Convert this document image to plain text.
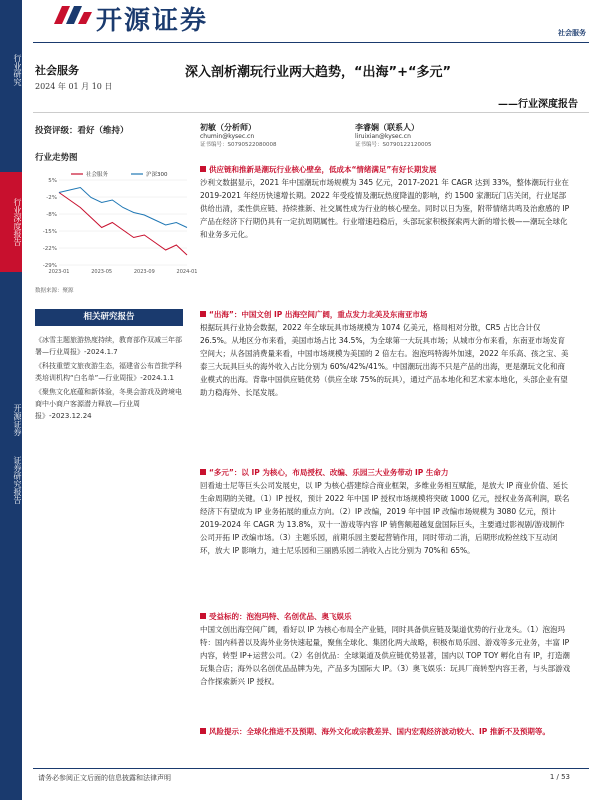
行业研究
行业深度报告
开源证券
证券研究报告
开源证券	社会服务
社会服务
2024 年 01 月 10 日
深入剖析潮玩行业两大趋势，“出海”+“多元”
——行业深度报告
投资评级：看好（维持）
行业走势图
初敏（分析师）
chumin@kysec.cn
证书编号：S0790522080008
李睿娴（联系人）
liruixian@kysec.cn
证书编号：S0790122120005
5%
-2%
-8%
-15%
-22%
-29%
2023-01	2023-05	2023-09	2024-01
社会服务	沪深300
数据来源：聚源
相关研究报告

《冰雪主题旅游热度持续，教育部作双减三年部署—行业周报》-2024.1.7

《科技重塑文旅夜游生态，福建省公布首批学科类培训机构“白名单”—行业周报》-2024.1.1

《聚焦文化底蕴和新体验，冬奥会游戏及跨境电商中小商户客源潜力释放—行业周报》-2023.12.24

供应链和推新是潮玩行业核心壁垒，低成本“情绪满足”有好长期发展
沙利文数据显示，2021 年中国潮玩市场规模为 345 亿元，2017-2021 年 CAGR 达到 33%，整体潮玩行业在 2019-2021 年经历快速增长期。2022 年受疫情及潮玩热度降温的影响，约 1500 家潮玩门店关闭，行业尾部供给出清，柔性供应链、持续推新、社交属性成为行业的核心壁垒。同时以日为鉴，附带情绪共鸣及治愈感的 IP 产品在经济下行期仍具有一定抗周期属性。行业增速趋稳后，头部玩家积极探索两大新的增长极——潮玩全球化和业务多元化。
“出海”：中国文创 IP 出海空间广阔，重点发力北美及东南亚市场
根据玩具行业协会数据，2022 年全球玩具市场规模为 1074 亿美元，格局相对分散，CR5 占比合计仅 26.5%。从地区分布来看，美国市场占比 34.5%，为全球第一大玩具市场；从城市分布来看，东南亚市场发育空间大；从各国消费量来看，中国市场规模为美国的 2 倍左右。泡泡玛特海外加速，2022 年乐高、孩之宝、美泰三大玩具巨头的海外收入占比分别为 60%/42%/41%。中国潮玩出海不只是产品的出海，更是潮玩文化和商业模式的出海。背靠中国供应链优势（供应全球 75%的玩具），通过产品本地化和艺术家本地化，头部企业有望助力稳海外、长尾发展。
“多元”：以 IP 为核心，布局授权、改编、乐园三大业务带动 IP 生命力
回看迪士尼等巨头公司发展史，以 IP 为核心搭建综合商业框架，多维业务相互赋能，是放大 IP 商业价值、延长生命周期的关键。（1）IP 授权，预计 2022 年中国 IP 授权市场规模将突破 1000 亿元，授权业务高利润，联名经济下有望成为 IP 业务拓展的重点方向。（2）IP 改编，2019 年中国 IP 改编市场规模为 3080 亿元，预计 2019-2024 年 CAGR 为 13.8%，双十一游戏等内容 IP 销售额超越复盘国际巨头，主要通过影视剧/游戏制作公司开拓 IP 改编市场。（3）主题乐园，前期乐园主要起营销作用，同时带动二消，后期形成粉丝线下互动闭环，放大 IP 影响力，迪士尼乐园和三丽鸥乐园二消收入占比分别为 70%和 65%。
受益标的：泡泡玛特、名创优品、奥飞娱乐
中国文创出海空间广阔，看好以 IP 为核心布局全产业链，同时具备供应链及渠道优势的行业龙头。（1）泡泡玛特：国内科普以及海外业务快速起量，聚焦全球化、集团化两大战略，积极布局乐园、游戏等多元业务，丰富 IP 内容，转型 IP+运营公司。（2）名创优品：全球渠道及供应链优势显著，国内以 TOP TOY 孵化自有 IP，打造潮玩集合店；海外以名创优品品牌为先，产品多为国际大 IP。（3）奥飞娱乐：玩具厂商转型内容王者，与头部游戏合作探索新兴 IP 授权。
风险提示：全球化推进不及预期、海外文化或宗教差异、国内宏观经济波动较大、IP 推新不及预期等。
请务必参阅正文后面的信息披露和法律声明	1 / 53
